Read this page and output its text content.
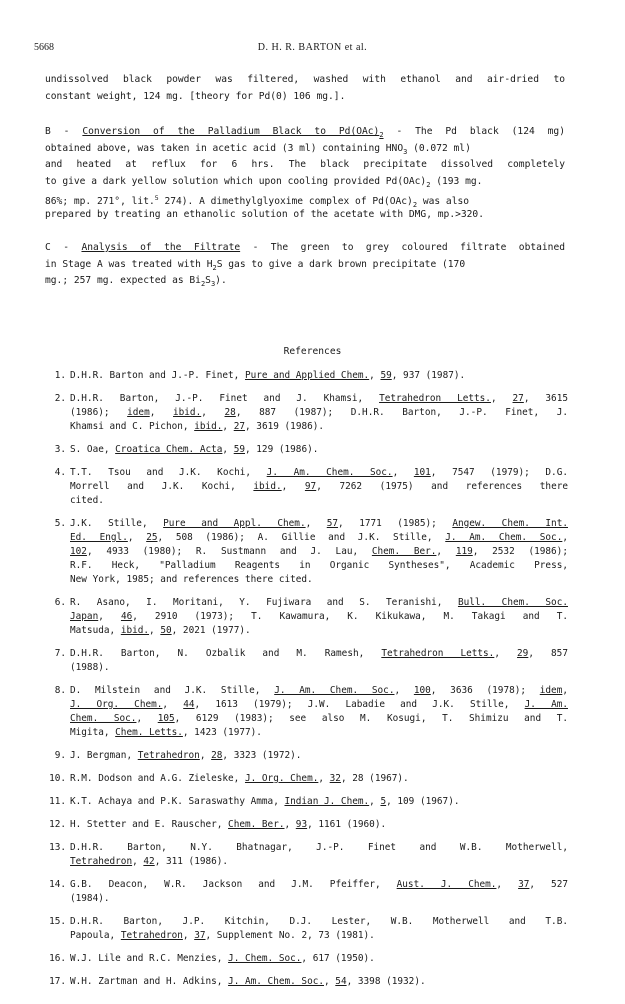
5668	D. H. R. BARTON et al.
undissolved black powder was filtered, washed with ethanol and air-dried to
constant weight, 124 mg. [theory for Pd(0) 106 mg.].
B - Conversion of the Palladium Black to $Pd(OAc)_2$ - The Pd black (124 mg)
obtained above, was taken in acetic acid (3 ml) containing $HNO_3$ (0.072 ml)
and heated at reflux for 6 hrs. The black precipitate dissolved completely
to give a dark yellow solution which upon cooling provided $Pd(OAc)_2$ (193 mg.
86%; mp. 271°, lit.$^5$ 274). A dimethylglyoxime complex of $Pd(OAc)_2$ was also
prepared by treating an ethanolic solution of the acetate with DMG, mp.>320.
C - Analysis of the Filtrate - The green to grey coloured filtrate obtained
in Stage A was treated with $H_2S$ gas to give a dark brown precipitate (170
mg.; 257 mg. expected as $Bi_2S_3$).
References
1. D.H.R. Barton and J.-P. Finet, Pure and Applied Chem., 59, 937 (1987).
2. D.H.R. Barton, J.-P. Finet and J. Khamsi, Tetrahedron Letts., 27, 3615
(1986); idem, ibid., 28, 887 (1987); D.H.R. Barton, J.-P. Finet, J.
Khamsi and C. Pichon, ibid., 27, 3619 (1986).
3. S. Oae, Croatica Chem. Acta, 59, 129 (1986).
4. T.T. Tsou and J.K. Kochi, J. Am. Chem. Soc., 101, 7547 (1979); D.G.
Morrell and J.K. Kochi, ibid., 97, 7262 (1975) and references there
cited.
5. J.K. Stille, Pure and Appl. Chem., 57, 1771 (1985); Angew. Chem. Int.
Ed. Engl., 25, 508 (1986); A. Gillie and J.K. Stille, J. Am. Chem. Soc.,
102, 4933 (1980); R. Sustmann and J. Lau, Chem. Ber., 119, 2532 (1986);
R.F. Heck, "Palladium Reagents in Organic Syntheses", Academic Press,
New York, 1985; and references there cited.
6. R. Asano, I. Moritani, Y. Fujiwara and S. Teranishi, Bull. Chem. Soc.
Japan, 46, 2910 (1973); T. Kawamura, K. Kikukawa, M. Takagi and T.
Matsuda, ibid., 50, 2021 (1977).
7. D.H.R. Barton, N. Ozbalik and M. Ramesh, Tetrahedron Letts., 29, 857
(1988).
8. D. Milstein and J.K. Stille, J. Am. Chem. Soc., 100, 3636 (1978); idem,
J. Org. Chem., 44, 1613 (1979); J.W. Labadie and J.K. Stille, J. Am.
Chem. Soc., 105, 6129 (1983); see also M. Kosugi, T. Shimizu and T.
Migita, Chem. Letts., 1423 (1977).
9. J. Bergman, Tetrahedron, 28, 3323 (1972).
10. R.M. Dodson and A.G. Zieleske, J. Org. Chem., 32, 28 (1967).
11. K.T. Achaya and P.K. Saraswathy Amma, Indian J. Chem., 5, 109 (1967).
12. H. Stetter and E. Rauscher, Chem. Ber., 93, 1161 (1960).
13. D.H.R. Barton, N.Y. Bhatnagar, J.-P. Finet and W.B. Motherwell,
Tetrahedron, 42, 311 (1986).
14. G.B. Deacon, W.R. Jackson and J.M. Pfeiffer, Aust. J. Chem., 37, 527
(1984).
15. D.H.R. Barton, J.P. Kitchin, D.J. Lester, W.B. Motherwell and T.B.
Papoula, Tetrahedron, 37, Supplement No. 2, 73 (1981).
16. W.J. Lile and R.C. Menzies, J. Chem. Soc., 617 (1950).
17. W.H. Zartman and H. Adkins, J. Am. Chem. Soc., 54, 3398 (1932).
